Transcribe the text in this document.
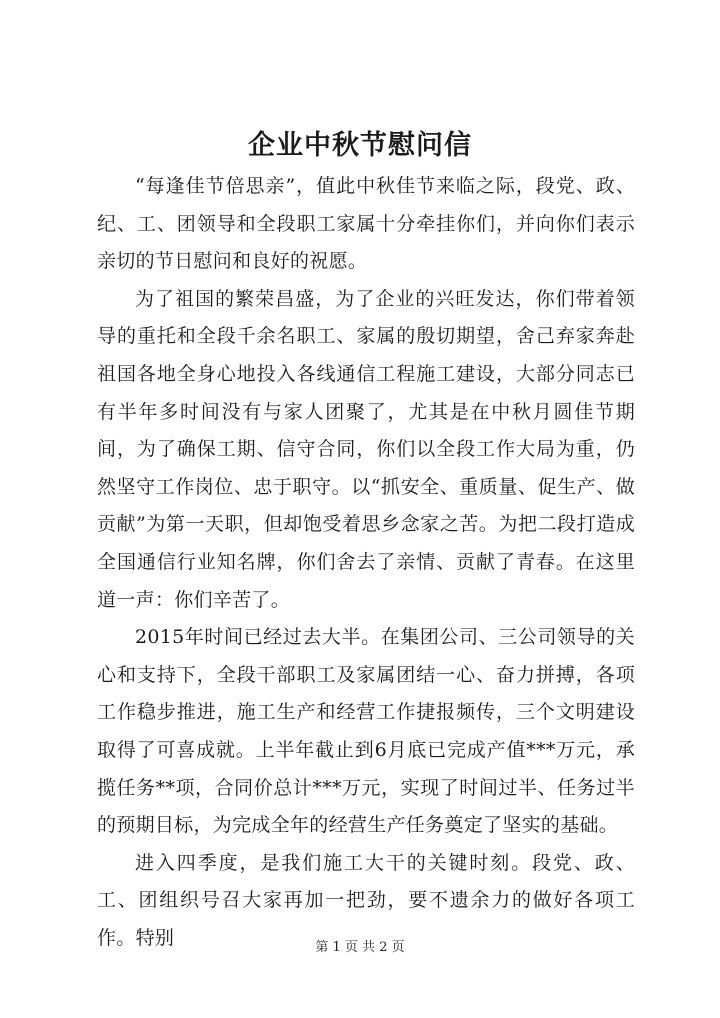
企业中秋节慰问信

“每逢佳节倍思亲”，值此中秋佳节来临之际，段党、政、纪、工、团领导和全段职工家属十分牵挂你们，并向你们表示亲切的节日慰问和良好的祝愿。

为了祖国的繁荣昌盛，为了企业的兴旺发达，你们带着领导的重托和全段千余名职工、家属的殷切期望，舍己弃家奔赴祖国各地全身心地投入各线通信工程施工建设，大部分同志已有半年多时间没有与家人团聚了，尤其是在中秋月圆佳节期间，为了确保工期、信守合同，你们以全段工作大局为重，仍然坚守工作岗位、忠于职守。以“抓安全、重质量、促生产、做贡献”为第一天职，但却饱受着思乡念家之苦。为把二段打造成全国通信行业知名牌，你们舍去了亲情、贡献了青春。在这里道一声：你们辛苦了。

2015年时间已经过去大半。在集团公司、三公司领导的关心和支持下，全段干部职工及家属团结一心、奋力拼搏，各项工作稳步推进，施工生产和经营工作捷报频传，三个文明建设取得了可喜成就。上半年截止到6月底已完成产值***万元，承揽任务**项，合同价总计***万元，实现了时间过半、任务过半的预期目标，为完成全年的经营生产任务奠定了坚实的基础。

进入四季度，是我们施工大干的关键时刻。段党、政、工、团组织号召大家再加一把劲，要不遗余力的做好各项工作。特别	第 1 页 共 2 页
